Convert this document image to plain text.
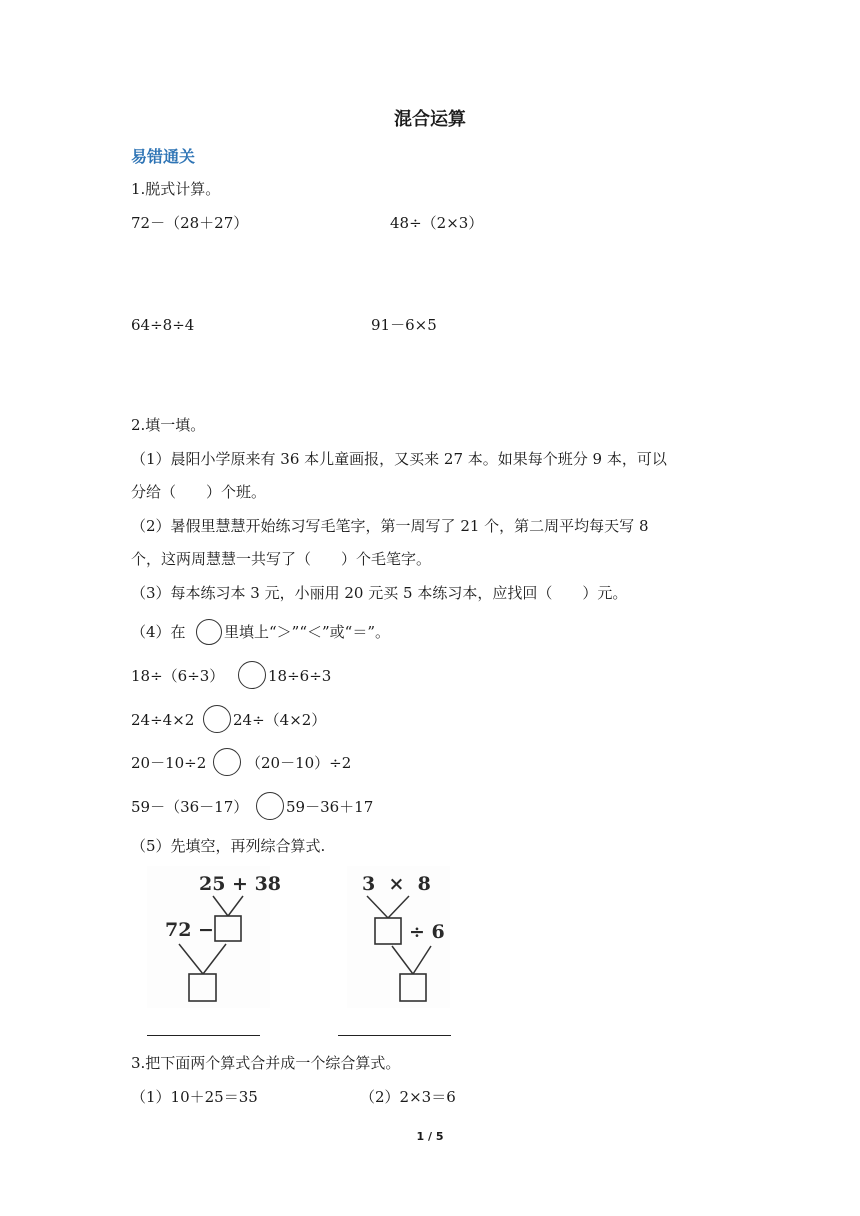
混合运算
易错通关
1.脱式计算。
72－（28＋27）	48÷（2×3）
64÷8÷4	91－6×5
2.填一填。
（1）晨阳小学原来有 36 本儿童画报，又买来 27 本。如果每个班分 9 本，可以
分给（　　）个班。
（2）暑假里慧慧开始练习写毛笔字，第一周写了 21 个，第二周平均每天写 8
个，这两周慧慧一共写了（　　）个毛笔字。
（3）每本练习本 3 元，小丽用 20 元买 5 本练习本，应找回（　　）元。
（4）在	里填上“＞”“＜”或“＝”。
18÷（6÷3）	18÷6÷3
24÷4×2	24÷（4×2）
20－10÷2	（20－10）÷2
59－（36－17）	59－36＋17
（5）先填空，再列综合算式.
25 + 38
72 −
3  ×  8
÷ 6
3.把下面两个算式合并成一个综合算式。
（1）10＋25＝35	（2）2×3＝6
1 / 5
